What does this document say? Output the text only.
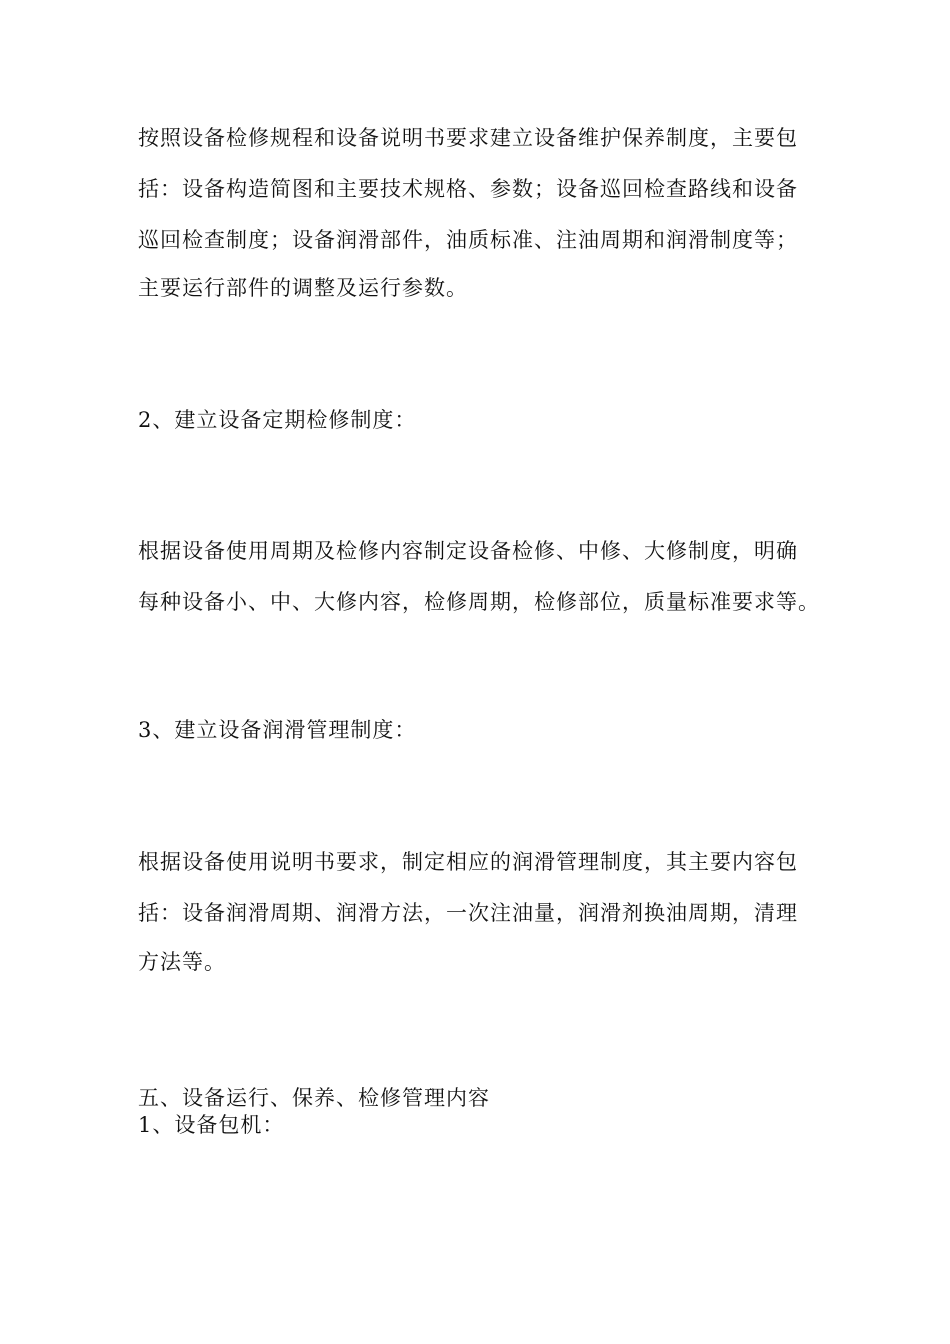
按照设备检修规程和设备说明书要求建立设备维护保养制度，主要包
括：设备构造简图和主要技术规格、参数；设备巡回检查路线和设备
巡回检查制度；设备润滑部件，油质标准、注油周期和润滑制度等；
主要运行部件的调整及运行参数。
2、建立设备定期检修制度：
根据设备使用周期及检修内容制定设备检修、中修、大修制度，明确
每种设备小、中、大修内容，检修周期，检修部位，质量标准要求等。
3、建立设备润滑管理制度：
根据设备使用说明书要求，制定相应的润滑管理制度，其主要内容包
括：设备润滑周期、润滑方法，一次注油量，润滑剂换油周期，清理
方法等。
五、设备运行、保养、检修管理内容
1、设备包机：
